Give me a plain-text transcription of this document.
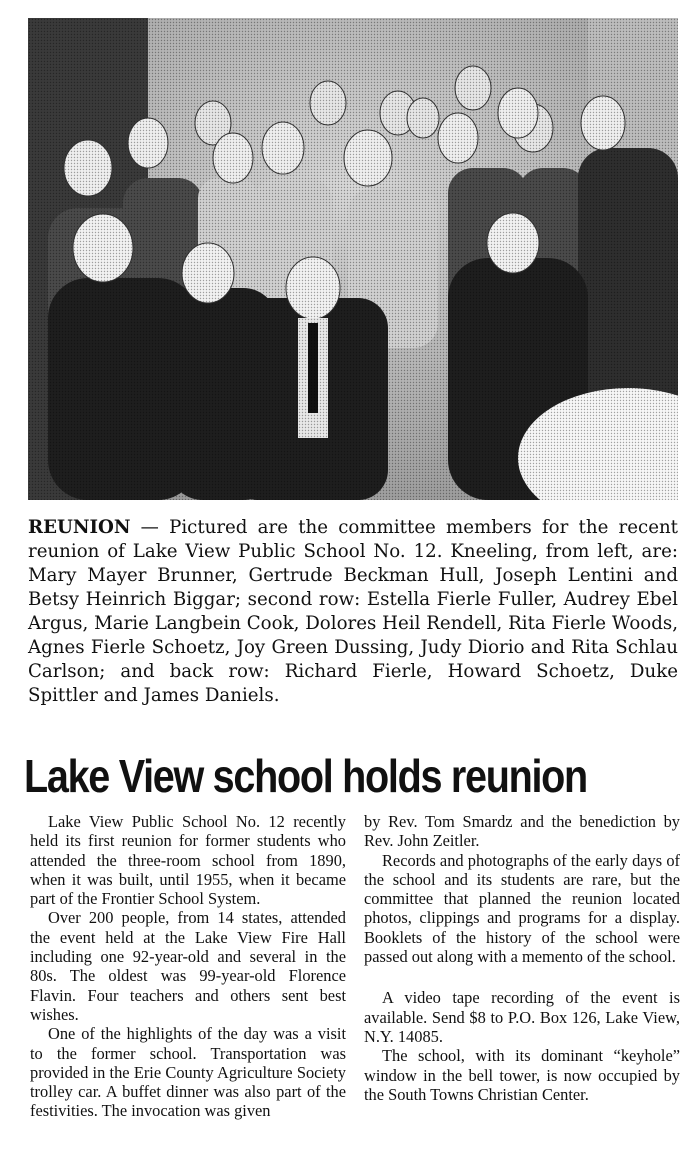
REUNION — Pictured are the committee members for the recent reunion of Lake View Public School No. 12. Kneeling, from left, are: Mary Mayer Brunner, Gertrude Beckman Hull, Joseph Lentini and Betsy Heinrich Biggar; second row: Estella Fierle Fuller, Audrey Ebel Argus, Marie Langbein Cook, Dolores Heil Rendell, Rita Fierle Woods, Agnes Fierle Schoetz, Joy Green Dussing, Judy Diorio and Rita Schlau Carlson; and back row: Richard Fierle, Howard Schoetz, Duke Spittler and James Daniels.

Lake View school holds reunion

Lake View Public School No. 12 recently held its first reunion for former students who attended the three-room school from 1890, when it was built, until 1955, when it became part of the Frontier School System.

Over 200 people, from 14 states, attended the event held at the Lake View Fire Hall including one 92-year-old and several in the 80s. The oldest was 99-year-old Florence Flavin. Four teachers and others sent best wishes.

One of the highlights of the day was a visit to the former school. Transportation was provided in the Erie County Agriculture Society trolley car. A buffet dinner was also part of the festivities. The invocation was given

by Rev. Tom Smardz and the benediction by Rev. John Zeitler.

Records and photographs of the early days of the school and its students are rare, but the committee that planned the reunion located photos, clippings and programs for a display. Booklets of the history of the school were passed out along with a memento of the school.

A video tape recording of the event is available. Send $8 to P.O. Box 126, Lake View, N.Y. 14085.

The school, with its dominant “keyhole” window in the bell tower, is now occupied by the South Towns Christian Center.
